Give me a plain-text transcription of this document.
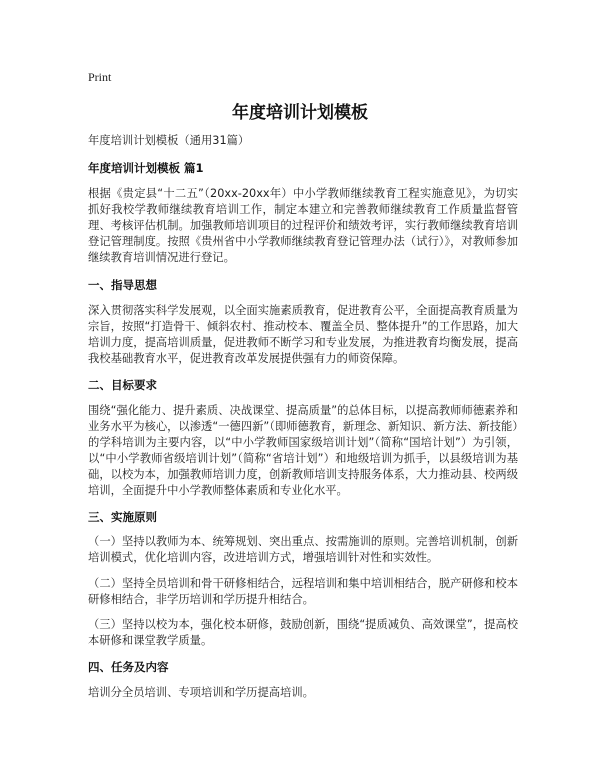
Print
年度培训计划模板
年度培训计划模板（通用31篇）
年度培训计划模板 篇1
根据《贵定县“十二五”（20xx-20xx年）中小学教师继续教育工程实施意见》，为切实抓好我校学教师继续教育培训工作，制定本建立和完善教师继续教育工作质量监督管理、考核评估机制。加强教师培训项目的过程评价和绩效考评，实行教师继续教育培训登记管理制度。按照《贵州省中小学教师继续教育登记管理办法（试行）》，对教师参加继续教育培训情况进行登记。
一、指导思想
深入贯彻落实科学发展观，以全面实施素质教育，促进教育公平，全面提高教育质量为宗旨，按照“打造骨干、倾斜农村、推动校本、覆盖全员、整体提升”的工作思路，加大培训力度，提高培训质量，促进教师不断学习和专业发展，为推进教育均衡发展，提高我校基础教育水平，促进教育改革发展提供强有力的师资保障。
二、目标要求
围绕“强化能力、提升素质、决战课堂、提高质量”的总体目标，以提高教师师德素养和业务水平为核心，以渗透“一德四新”（即师德教育，新理念、新知识、新方法、新技能）的学科培训为主要内容，以“中小学教师国家级培训计划”（简称“国培计划”）为引领，以“中小学教师省级培训计划”（简称“省培计划”）和地级培训为抓手，以县级培训为基础，以校为本，加强教师培训力度，创新教师培训支持服务体系，大力推动县、校两级培训，全面提升中小学教师整体素质和专业化水平。
三、实施原则
（一）坚持以教师为本、统筹规划、突出重点、按需施训的原则。完善培训机制，创新培训模式，优化培训内容，改进培训方式，增强培训针对性和实效性。
（二）坚持全员培训和骨干研修相结合，远程培训和集中培训相结合，脱产研修和校本研修相结合，非学历培训和学历提升相结合。
（三）坚持以校为本，强化校本研修，鼓励创新，围绕“提质减负、高效课堂”，提高校本研修和课堂教学质量。
四、任务及内容
培训分全员培训、专项培训和学历提高培训。
